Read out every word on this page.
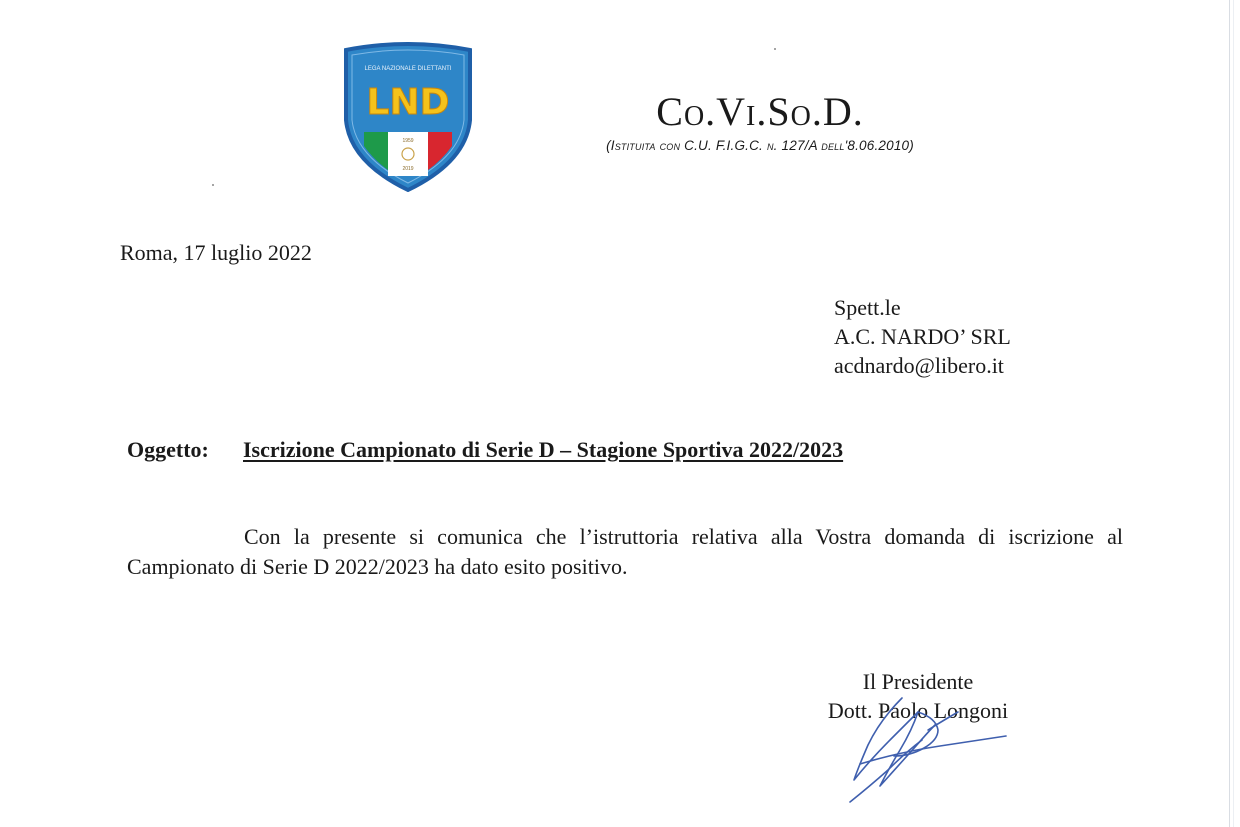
LEGA NAZIONALE DILETTANTI
LND
1959
2019
Co.Vi.So.D.
(Istituita con C.U. F.I.G.C. n. 127/A dell'8.06.2010)
Roma, 17 luglio 2022
Spett.le
A.C. NARDO’ SRL
acdnardo@libero.it
Oggetto: Iscrizione Campionato di Serie D – Stagione Sportiva 2022/2023

Con la presente si comunica che l’istruttoria relativa alla Vostra domanda di iscrizione al Campionato di Serie D 2022/2023 ha dato esito positivo.

Il Presidente
Dott. Paolo Longoni
